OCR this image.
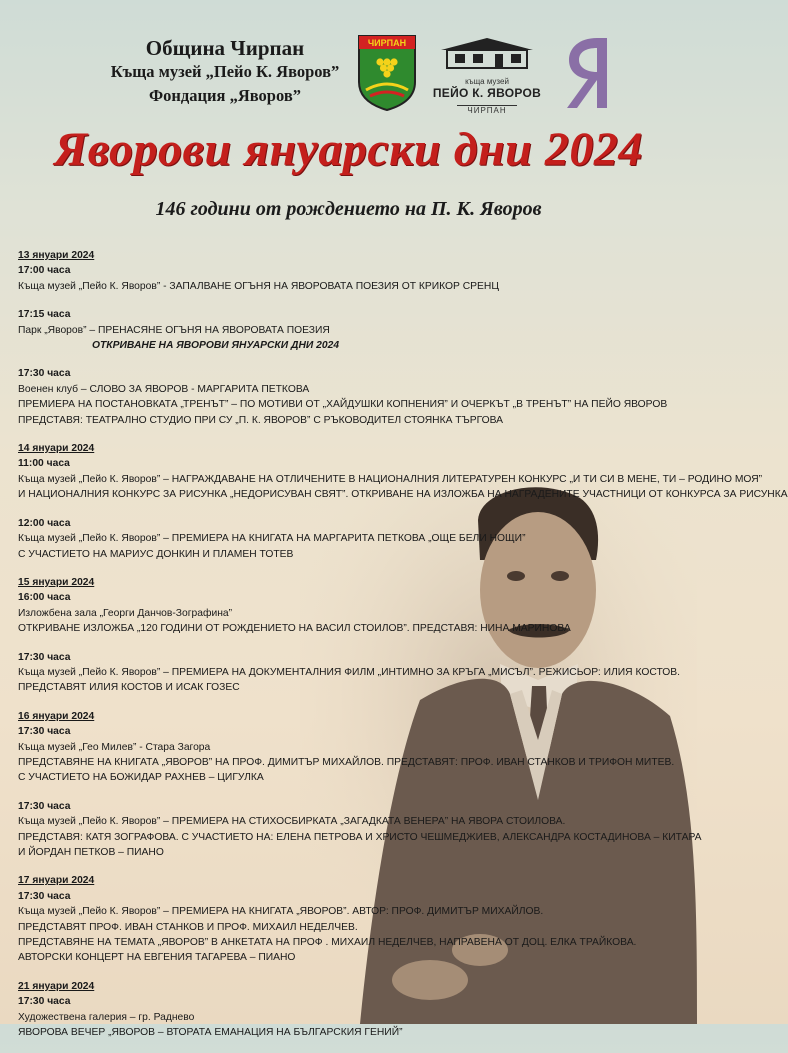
Община Чирпан
Къща музей „Пейо К. Яворов”
Фондация „Яворов”
ЧИРПАН
къща музей
ПЕЙО К. ЯВОРОВ
ЧИРПАН
Яворови януарски дни 2024
146 години от рождението на П. К. Яворов
13 януари 2024
17:00 часа
Къща музей „Пейо К. Яворов” - ЗАПАЛВАНЕ ОГЪНЯ НА ЯВОРОВАТА ПОЕЗИЯ ОТ КРИКОР СРЕНЦ
17:15 часа
Парк „Яворов” – ПРЕНАСЯНЕ ОГЪНЯ НА ЯВОРОВАТА ПОЕЗИЯ
ОТКРИВАНЕ НА ЯВОРОВИ ЯНУАРСКИ ДНИ 2024
17:30 часа
Военен клуб – СЛОВО ЗА ЯВОРОВ - МАРГАРИТА ПЕТКОВА
ПРЕМИЕРА НА ПОСТАНОВКАТА „ТРЕНЪТ” – ПО МОТИВИ ОТ „ХАЙДУШКИ КОПНЕНИЯ” И ОЧЕРКЪТ „В ТРЕНЪТ” НА ПЕЙО ЯВОРОВ
ПРЕДСТАВЯ: ТЕАТРАЛНО СТУДИО ПРИ СУ „П. К. ЯВОРОВ” С РЪКОВОДИТЕЛ СТОЯНКА ТЪРГОВА
14 януари 2024
11:00 часа
Къща музей „Пейо К. Яворов” – НАГРАЖДАВАНЕ НА ОТЛИЧЕНИТЕ В НАЦИОНАЛНИЯ ЛИТЕРАТУРЕН КОНКУРС „И ТИ СИ В МЕНЕ, ТИ – РОДИНО МОЯ”
И НАЦИОНАЛНИЯ КОНКУРС ЗА РИСУНКА „НЕДОРИСУВАН СВЯТ”. ОТКРИВАНЕ НА ИЗЛОЖБА НА НАГРАДЕНИТЕ УЧАСТНИЦИ ОТ КОНКУРСА ЗА РИСУНКА
12:00 часа
Къща музей „Пейо К. Яворов” – ПРЕМИЕРА НА КНИГАТА НА МАРГАРИТА ПЕТКОВА „ОЩЕ БЕЛИ НОЩИ”
С УЧАСТИЕТО НА МАРИУС ДОНКИН И ПЛАМЕН ТОТЕВ
15 януари 2024
16:00 часа
Изложбена зала „Георги Данчов-Зографина”
ОТКРИВАНЕ ИЗЛОЖБА „120 ГОДИНИ ОТ РОЖДЕНИЕТО НА ВАСИЛ СТОИЛОВ”. ПРЕДСТАВЯ: НИНА МАРИНОВА
17:30 часа
Къща музей „Пейо К. Яворов” – ПРЕМИЕРА НА ДОКУМЕНТАЛНИЯ ФИЛМ „ИНТИМНО ЗА КРЪГА „МИСЪЛ”. РЕЖИСЬОР: ИЛИЯ КОСТОВ.
ПРЕДСТАВЯТ ИЛИЯ КОСТОВ И ИСАК ГОЗЕС
16 януари 2024
17:30 часа
Къща музей „Гео Милев” - Стара Загора
ПРЕДСТАВЯНЕ НА КНИГАТА „ЯВОРОВ” НА ПРОФ. ДИМИТЪР МИХАЙЛОВ. ПРЕДСТАВЯТ: ПРОФ. ИВАН СТАНКОВ И ТРИФОН МИТЕВ.
С УЧАСТИЕТО НА БОЖИДАР РАХНЕВ – ЦИГУЛКА
17:30 часа
Къща музей „Пейо К. Яворов” – ПРЕМИЕРА НА СТИХОСБИРКАТА „ЗАГАДКАТА ВЕНЕРА” НА ЯВОРА СТОИЛОВА.
ПРЕДСТАВЯ: КАТЯ ЗОГРАФОВА. С УЧАСТИЕТО НА: ЕЛЕНА ПЕТРОВА И ХРИСТО ЧЕШМЕДЖИЕВ, АЛЕКСАНДРА КОСТАДИНОВА – КИТАРА
И ЙОРДАН ПЕТКОВ – ПИАНО
17 януари 2024
17:30 часа
Къща музей „Пейо К. Яворов” – ПРЕМИЕРА НА КНИГАТА „ЯВОРОВ”. АВТОР: ПРОФ. ДИМИТЪР МИХАЙЛОВ.
ПРЕДСТАВЯТ ПРОФ. ИВАН СТАНКОВ И ПРОФ. МИХАИЛ НЕДЕЛЧЕВ.
ПРЕДСТАВЯНЕ НА ТЕМАТА „ЯВОРОВ” В АНКЕТАТА НА ПРОФ . МИХАИЛ НЕДЕЛЧЕВ, НАПРАВЕНА ОТ ДОЦ. ЕЛКА ТРАЙКОВА.
АВТОРСКИ КОНЦЕРТ НА ЕВГЕНИЯ ТАГАРЕВА – ПИАНО
21 януари 2024
17:30 часа
Художествена галерия – гр. Раднево
ЯВОРОВА ВЕЧЕР „ЯВОРОВ – ВТОРАТА ЕМАНАЦИЯ НА БЪЛГАРСКИЯ ГЕНИЙ”
